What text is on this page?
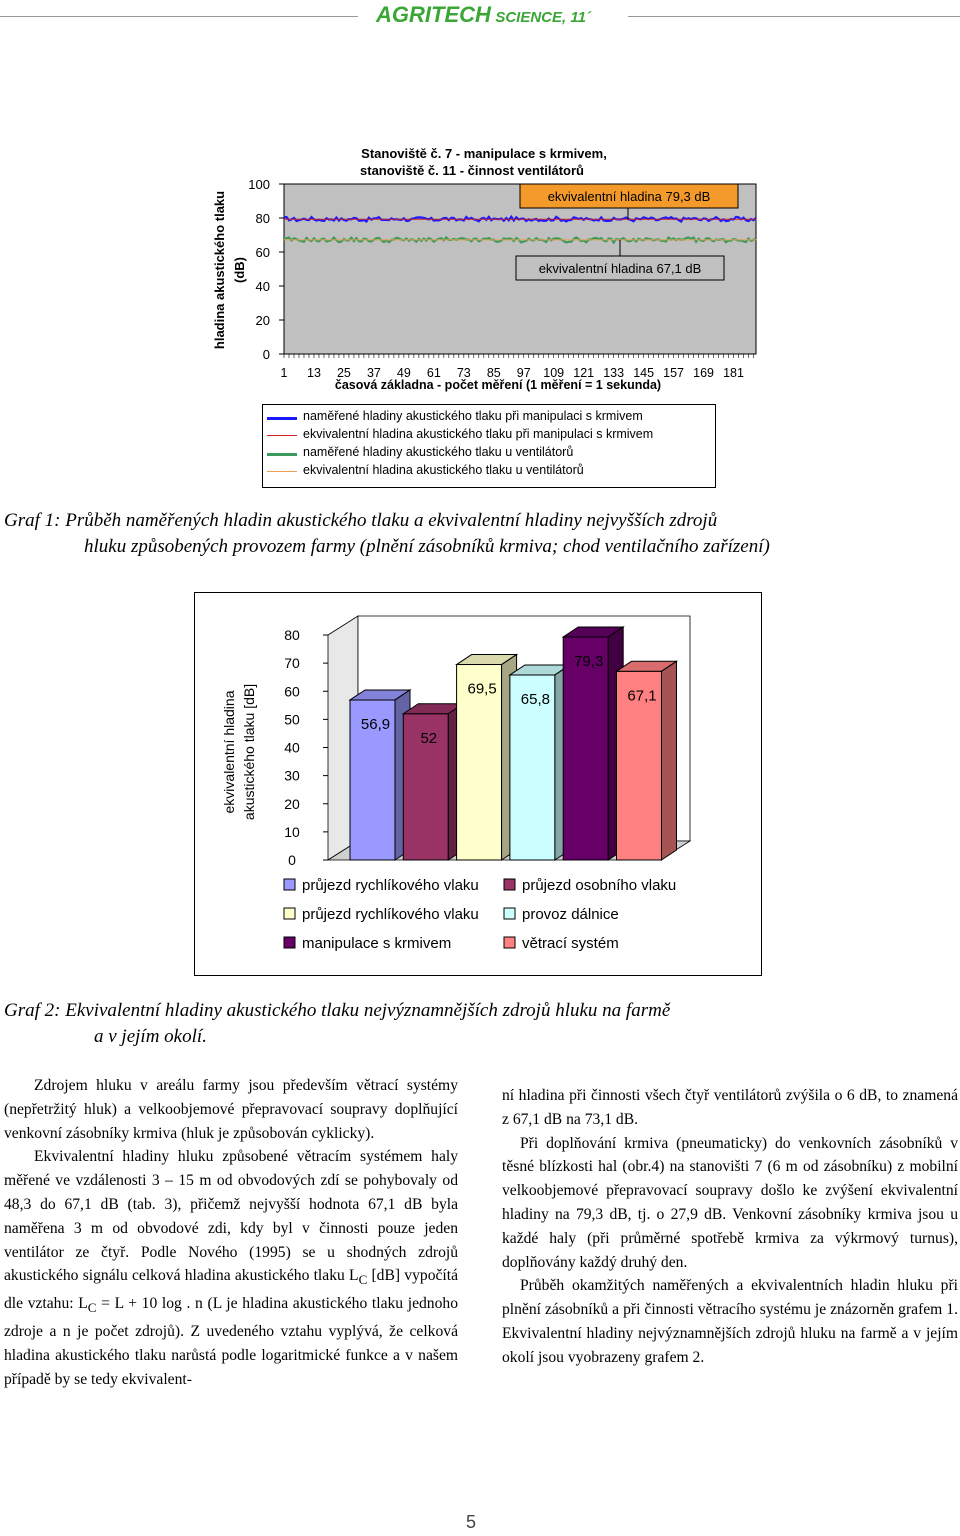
AGRITECH SCIENCE, 11´
Stanoviště č. 7 - manipulace s krmivem,
stanoviště č. 11 - činnost ventilátorů
hladina akustického tlaku (dB)
0
20
40
60
80
100
1 13 25 37 49 61 73 85 97 109 121 133 145 157 169 181
ekvivalentní hladina 79,3 dB
ekvivalentní hladina 67,1 dB
časová základna - počet měření (1 měření = 1 sekunda)
naměřené hladiny akustického tlaku při manipulaci s krmivem
ekvivalentní hladina akustického tlaku při manipulaci s krmivem
naměřené hladiny akustického tlaku u ventilátorů
ekvivalentní hladina akustického tlaku u ventilátorů
Graf 1: Průběh naměřených hladin akustického tlaku a ekvivalentní hladiny nejvyšších zdrojů
hluku způsobených provozem farmy (plnění zásobníků krmiva; chod ventilačního zařízení)
ekvivalentní hladina akustického tlaku [dB]
0
10
20
30
40
50
60
70
80
56,9
52
69,5
65,8
79,3
67,1
průjezd rychlíkového vlaku	průjezd osobního vlaku
průjezd rychlíkového vlaku	provoz dálnice
manipulace s krmivem	větrací systém
Graf 2: Ekvivalentní hladiny akustického tlaku nejvýznamnějších zdrojů hluku na farmě
a v jejím okolí.

Zdrojem hluku v areálu farmy jsou především větrací systémy (nepřetržitý hluk) a velkoobjemové přepravovací soupravy doplňující venkovní zásobníky krmiva (hluk je způsobován cyklicky).

Ekvivalentní hladiny hluku způsobené větracím systémem haly měřené ve vzdálenosti 3 – 15 m od obvodových zdí se pohybovaly od 48,3 do 67,1 dB (tab. 3), přičemž nejvyšší hodnota 67,1 dB byla naměřena 3 m od obvodové zdi, kdy byl v činnosti pouze jeden ventilátor ze čtyř. Podle Nového (1995) se u shodných zdrojů akustického signálu celková hladina akustického tlaku $L_C$ [dB] vypočítá dle vztahu: $L_C = L + 10$ log . n (L je hladina akustického tlaku jednoho zdroje a n je počet zdrojů). Z uvedeného vztahu vyplývá, že celková hladina akustického tlaku narůstá podle logaritmické funkce a v našem případě by se tedy ekvivalent-

ní hladina při činnosti všech čtyř ventilátorů zvýšila o 6 dB, to znamená z 67,1 dB na 73,1 dB.

Při doplňování krmiva (pneumaticky) do venkovních zásobníků v těsné blízkosti hal (obr.4) na stanovišti 7 (6 m od zásobníku) z mobilní velkoobjemové přepravovací soupravy došlo ke zvýšení ekvivalentní hladiny na 79,3 dB, tj. o 27,9 dB. Venkovní zásobníky krmiva jsou u každé haly (při průměrné spotřebě krmiva za výkrmový turnus), doplňovány každý druhý den.

Průběh okamžitých naměřených a ekvivalentních hladin hluku při plnění zásobníků a při činnosti větracího systému je znázorněn grafem 1. Ekvivalentní hladiny nejvýznamnějších zdrojů hluku na farmě a v jejím okolí jsou vyobrazeny grafem 2.

5
